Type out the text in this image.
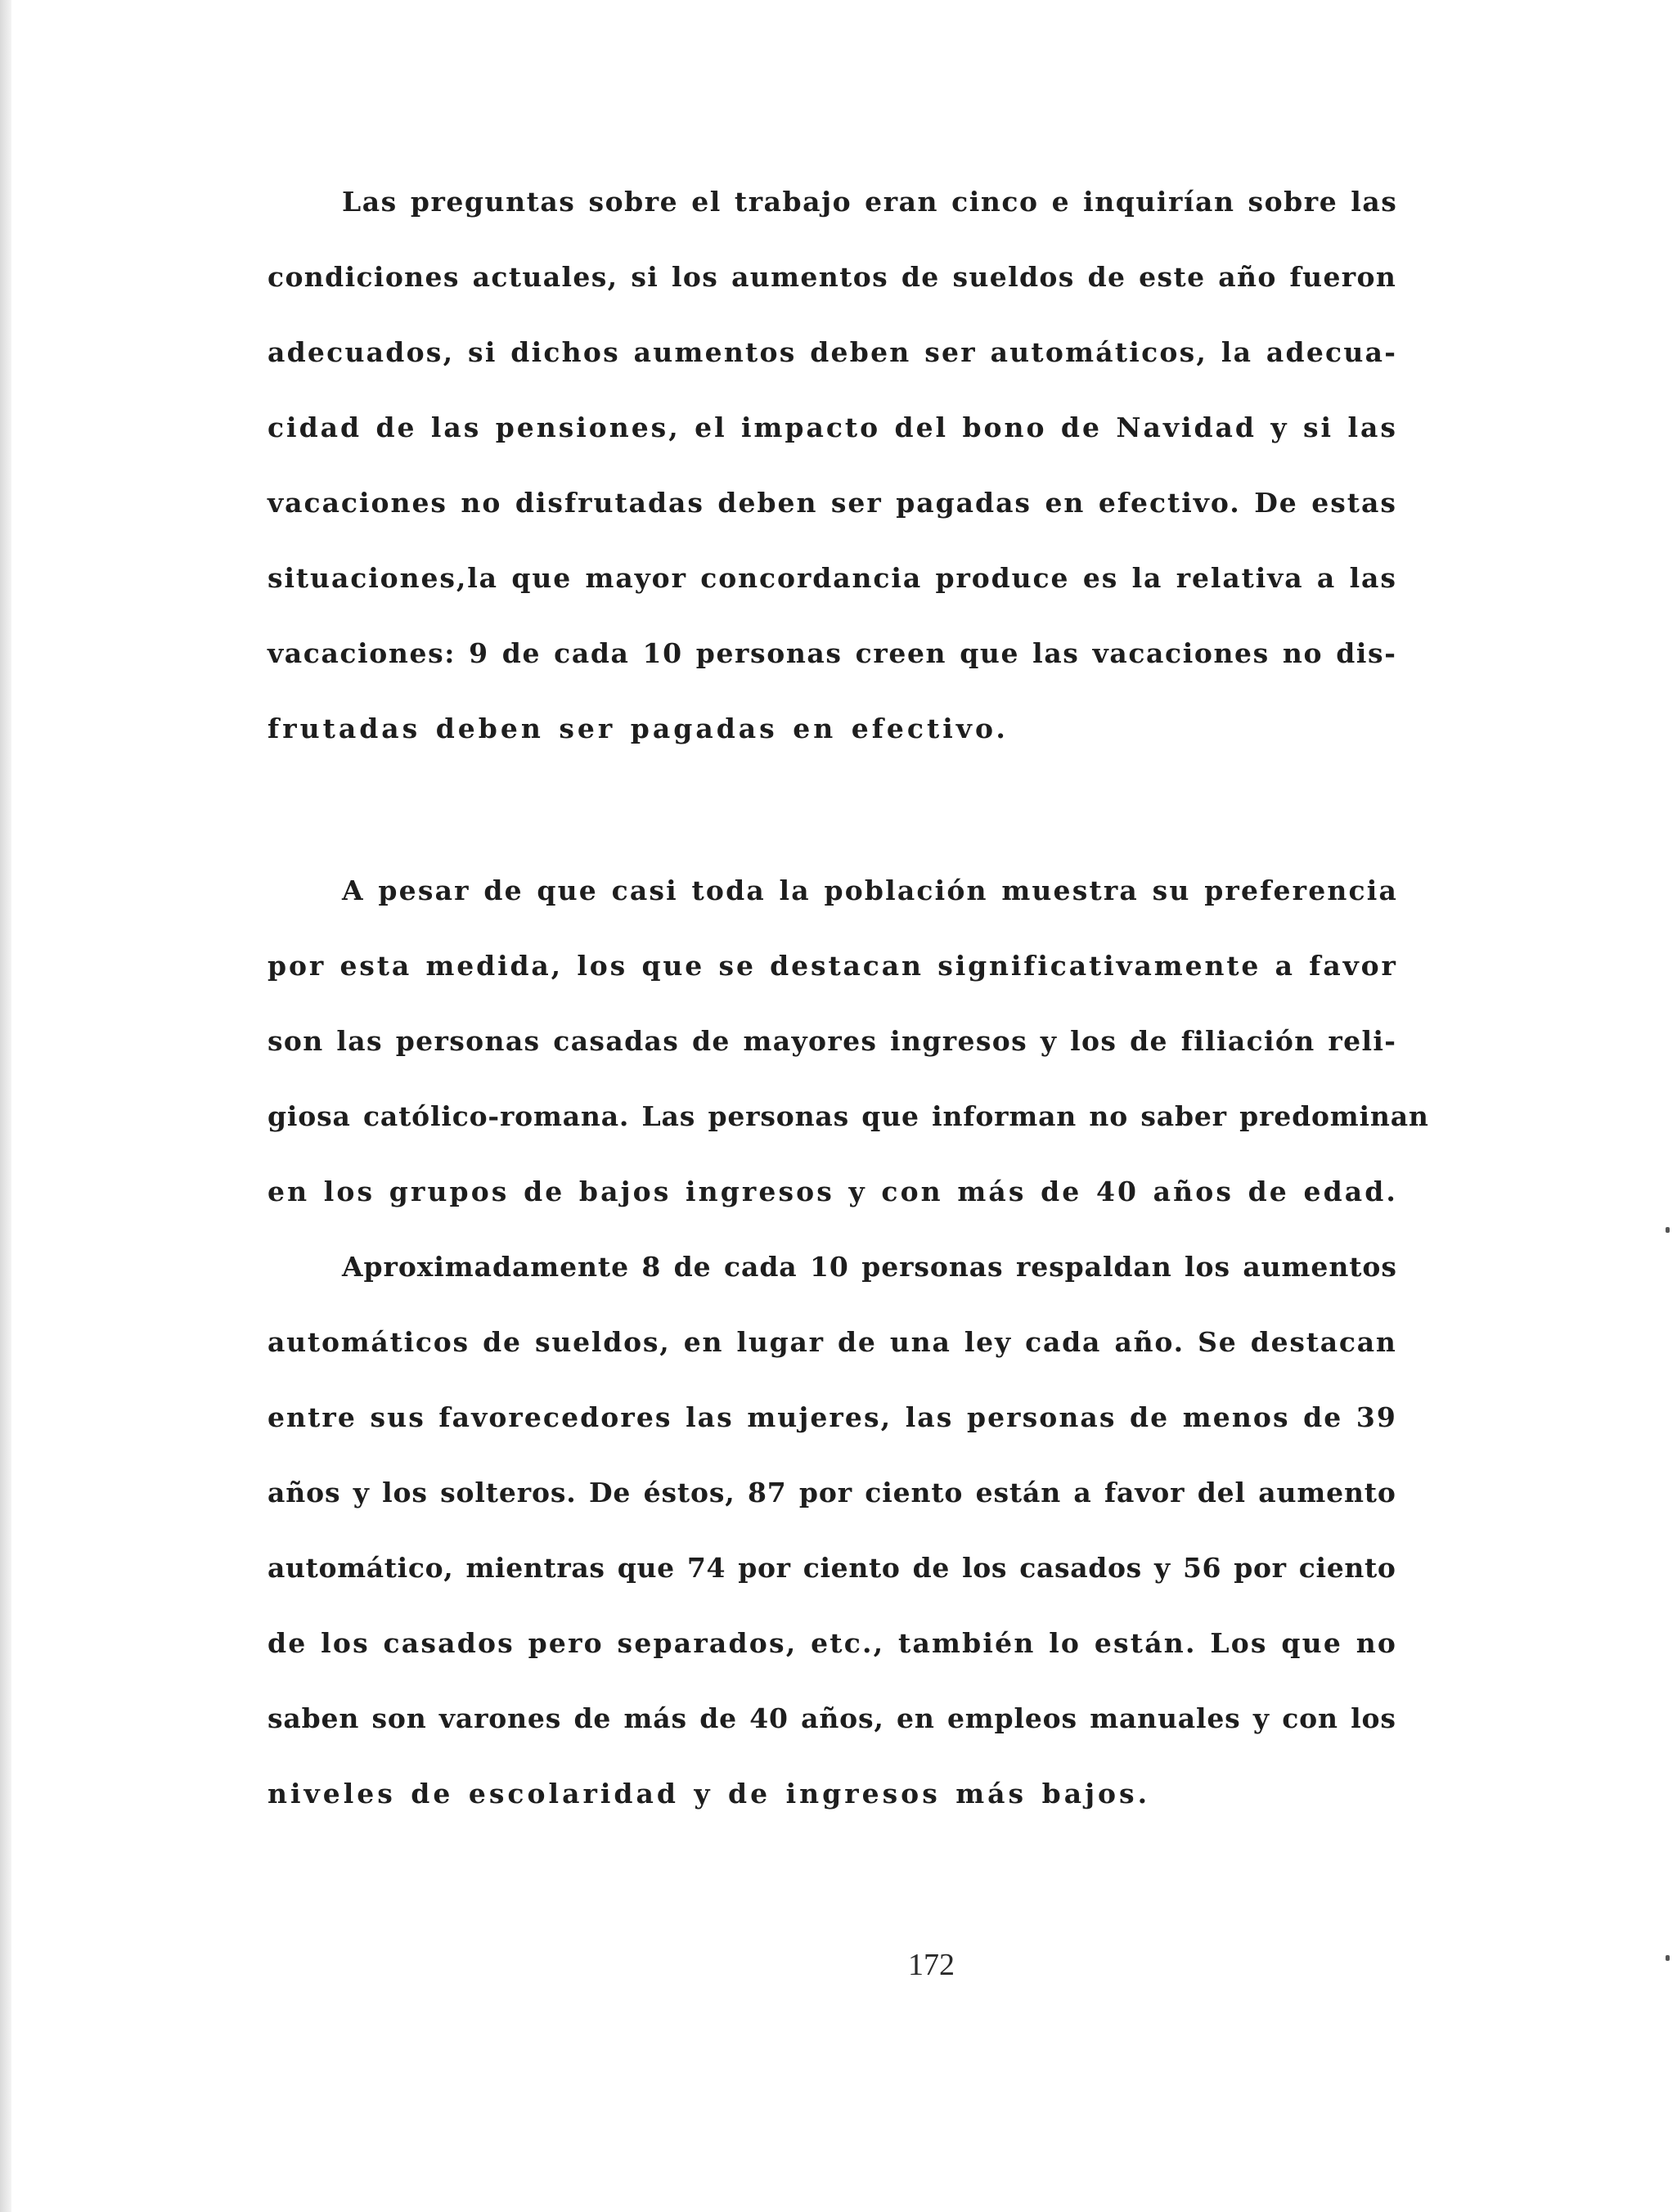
Las preguntas sobre el trabajo eran cinco e inquirían sobre las

condiciones actuales, si los aumentos de sueldos de este año fueron

adecuados, si dichos aumentos deben ser automáticos, la adecua-

cidad de las pensiones, el impacto del bono de Navidad y si las

vacaciones no disfrutadas deben ser pagadas en efectivo. De estas

situaciones,la que mayor concordancia produce es la relativa a las

vacaciones: 9 de cada 10 personas creen que las vacaciones no dis-

frutadas deben ser pagadas en efectivo.

A pesar de que casi toda la población muestra su preferencia

por esta medida, los que se destacan significativamente a favor

son las personas casadas de mayores ingresos y los de filiación reli-

giosa católico-romana. Las personas que informan no saber predominan

en los grupos de bajos ingresos y con más de 40 años de edad.

Aproximadamente 8 de cada 10 personas respaldan los aumentos

automáticos de sueldos, en lugar de una ley cada año. Se destacan

entre sus favorecedores las mujeres, las personas de menos de 39

años y los solteros. De éstos, 87 por ciento están a favor del aumento

automático, mientras que 74 por ciento de los casados y 56 por ciento

de los casados pero separados, etc., también lo están. Los que no

saben son varones de más de 40 años, en empleos manuales y con los

niveles de escolaridad y de ingresos más bajos.

172
